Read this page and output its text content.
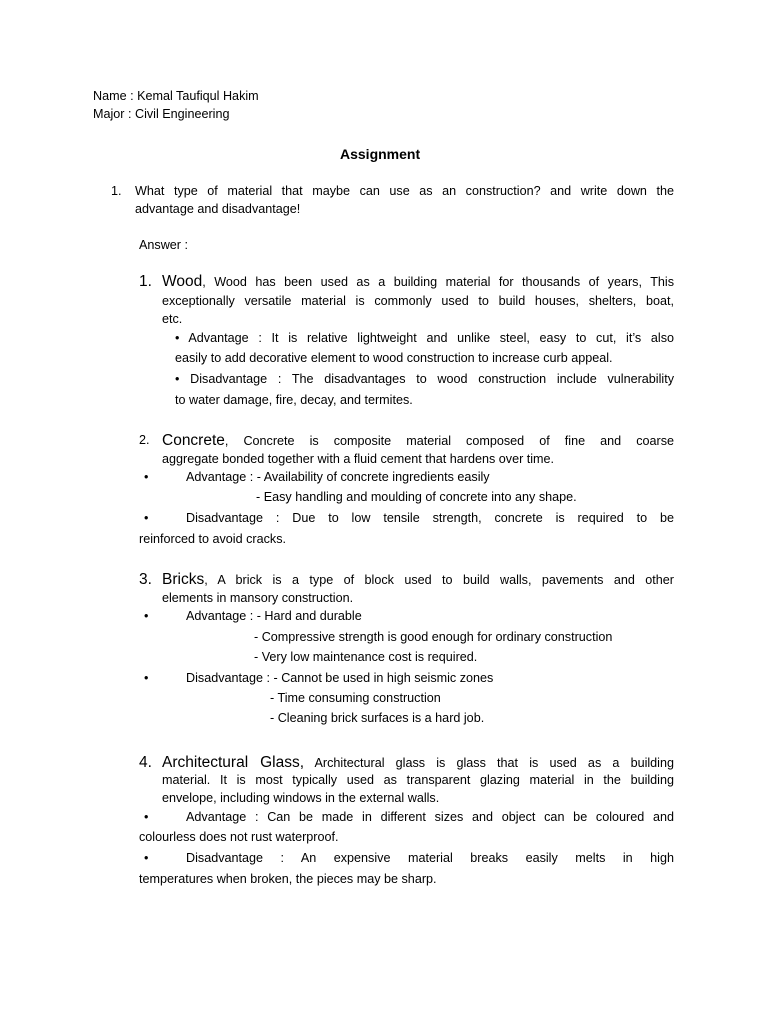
Name : Kemal Taufiqul Hakim
Major : Civil Engineering
Assignment
1. What type of material that maybe can use as an construction? and write down the
advantage and disadvantage!
Answer :
1. Wood, Wood has been used as a building material for thousands of years, This
exceptionally versatile material is commonly used to build houses, shelters, boat,
etc.
• Advantage : It is relative lightweight and unlike steel, easy to cut, it’s also
easily to add decorative element to wood construction to increase curb appeal.
• Disadvantage : The disadvantages to wood construction include vulnerability
to water damage, fire, decay, and termites.
2. Concrete, Concrete is composite material composed of fine and coarse
aggregate bonded together with a fluid cement that hardens over time.
•	Advantage : - Availability of concrete ingredients easily
- Easy handling and moulding of concrete into any shape.
•	Disadvantage : Due to low tensile strength, concrete is required to be
reinforced to avoid cracks.
3. Bricks, A brick is a type of block used to build walls, pavements and other
elements in mansory construction.
•	Advantage : - Hard and durable
- Compressive strength is good enough for ordinary construction
- Very low maintenance cost is required.
•	Disadvantage : - Cannot be used in high seismic zones
- Time consuming construction
- Cleaning brick surfaces is a hard job.
4. Architectural Glass, Architectural glass is glass that is used as a building
material. It is most typically used as transparent glazing material in the building
envelope, including windows in the external walls.
•	Advantage : Can be made in different sizes and object can be coloured and
colourless does not rust waterproof.
•	Disadvantage : An expensive material breaks easily melts in high
temperatures when broken, the pieces may be sharp.
